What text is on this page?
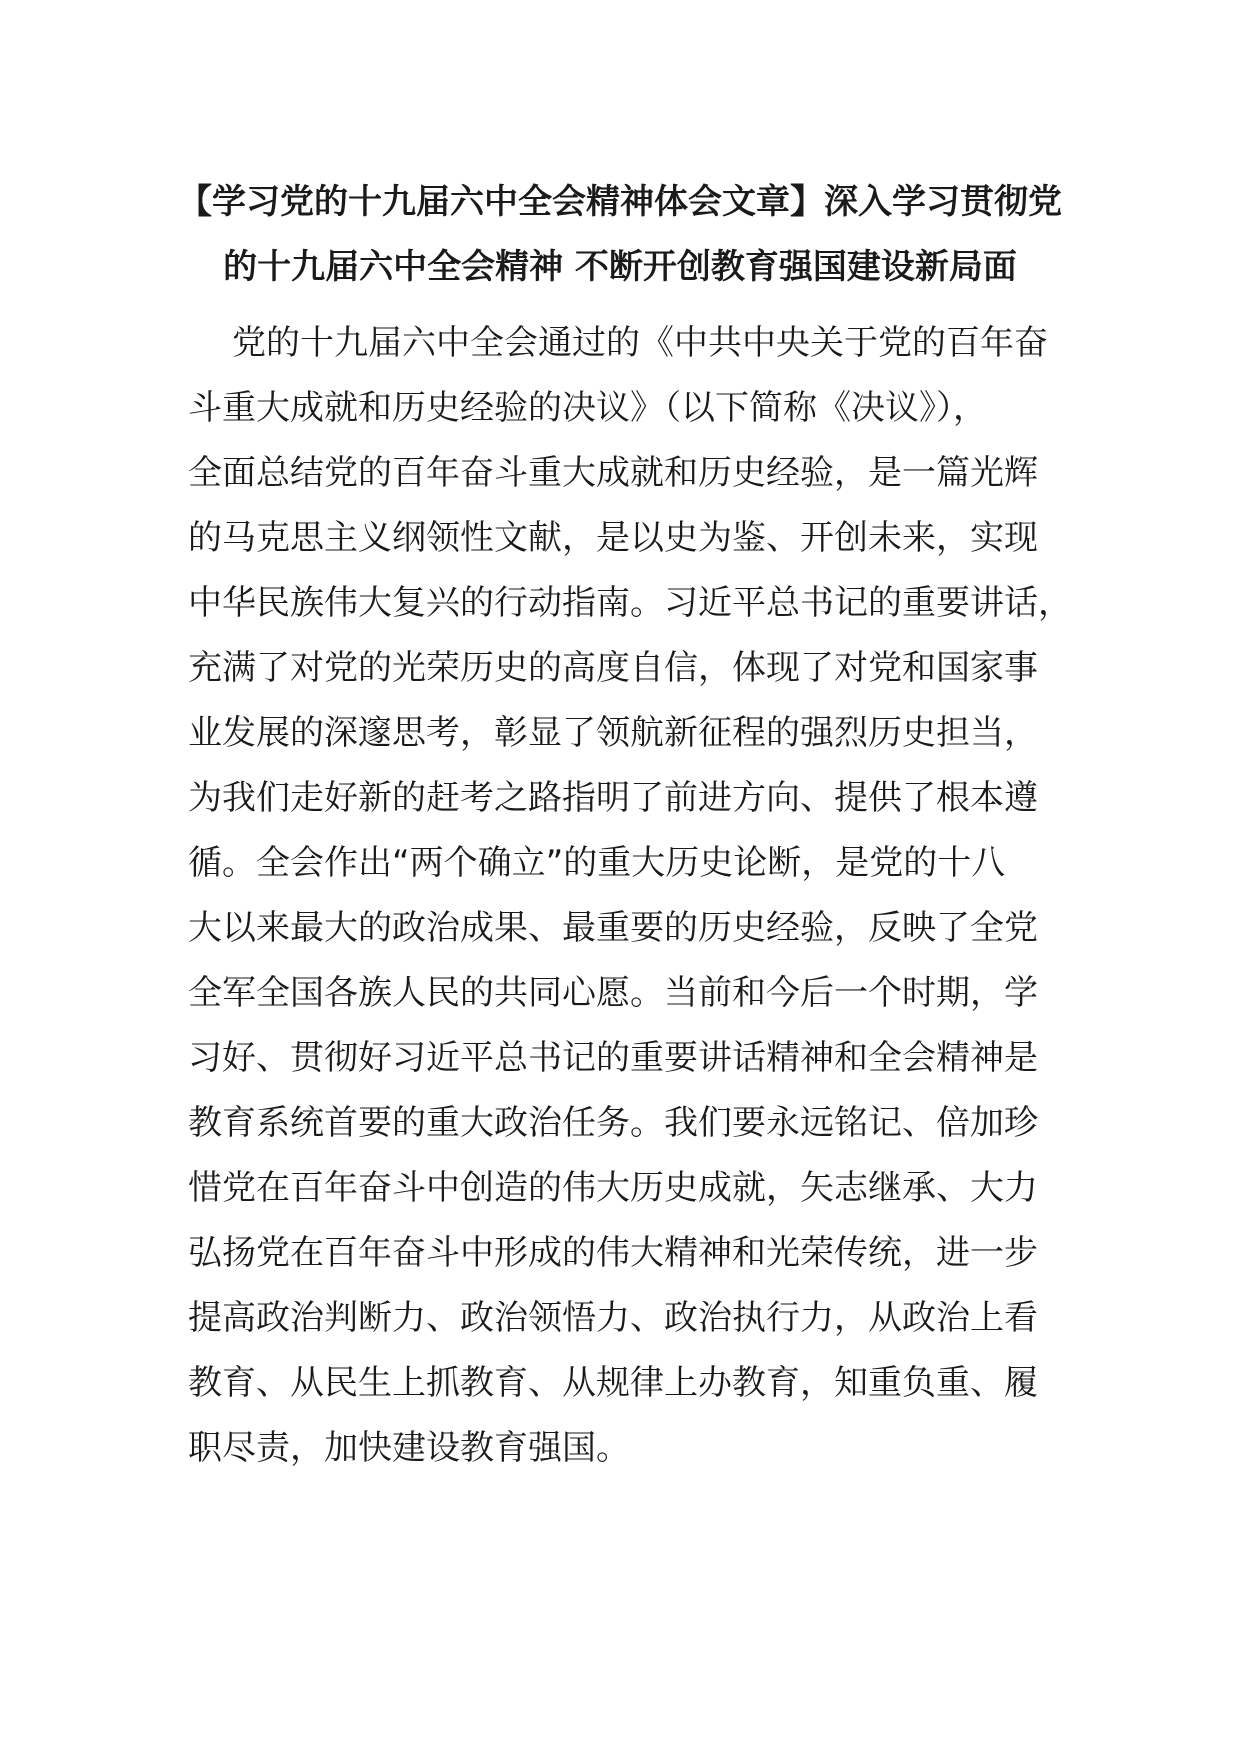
【学习党的十九届六中全会精神体会文章】深入学习贯彻党
的十九届六中全会精神 不断开创教育强国建设新局面

党的十九届六中全会通过的《中共中央关于党的百年奋
斗重大成就和历史经验的决议》（以下简称《决议》），
全面总结党的百年奋斗重大成就和历史经验，是一篇光辉
的马克思主义纲领性文献，是以史为鉴、开创未来，实现
中华民族伟大复兴的行动指南。习近平总书记的重要讲话，
充满了对党的光荣历史的高度自信，体现了对党和国家事
业发展的深邃思考，彰显了领航新征程的强烈历史担当，
为我们走好新的赶考之路指明了前进方向、提供了根本遵
循。全会作出“两个确立”的重大历史论断，是党的十八
大以来最大的政治成果、最重要的历史经验，反映了全党
全军全国各族人民的共同心愿。当前和今后一个时期，学
习好、贯彻好习近平总书记的重要讲话精神和全会精神是
教育系统首要的重大政治任务。我们要永远铭记、倍加珍
惜党在百年奋斗中创造的伟大历史成就，矢志继承、大力
弘扬党在百年奋斗中形成的伟大精神和光荣传统，进一步
提高政治判断力、政治领悟力、政治执行力，从政治上看
教育、从民生上抓教育、从规律上办教育，知重负重、履
职尽责，加快建设教育强国。
